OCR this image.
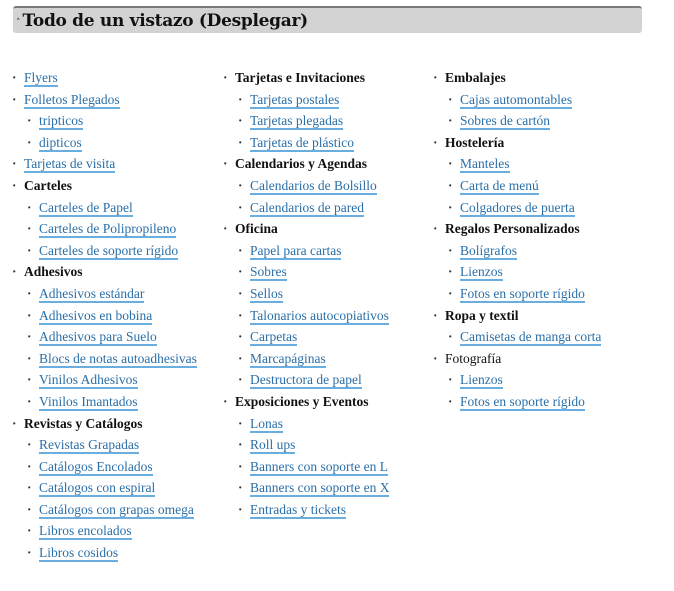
˄ Todo de un vistazo (Desplegar)
· Flyers
· Folletos Plegados
· tripticos
· dipticos
· Tarjetas de visita
· Carteles
· Carteles de Papel
· Carteles de Polipropileno
· Carteles de soporte rígido
· Adhesivos
· Adhesivos estándar
· Adhesivos en bobina
· Adhesivos para Suelo
· Blocs de notas autoadhesivas
· Vinilos Adhesivos
· Vinilos Imantados
· Revistas y Catálogos
· Revistas Grapadas
· Catálogos Encolados
· Catálogos con espiral
· Catálogos con grapas omega
· Libros encolados
· Libros cosidos
· Tarjetas e Invitaciones
· Tarjetas postales
· Tarjetas plegadas
· Tarjetas de plástico
· Calendarios y Agendas
· Calendarios de Bolsillo
· Calendarios de pared
· Oficina
· Papel para cartas
· Sobres
· Sellos
· Talonarios autocopiativos
· Carpetas
· Marcapáginas
· Destructora de papel
· Exposiciones y Eventos
· Lonas
· Roll ups
· Banners con soporte en L
· Banners con soporte en X
· Entradas y tickets
· Embalajes
· Cajas automontables
· Sobres de cartón
· Hostelería
· Manteles
· Carta de menú
· Colgadores de puerta
· Regalos Personalizados
· Bolígrafos
· Lienzos
· Fotos en soporte rígido
· Ropa y textil
· Camisetas de manga corta
· Fotografía
· Lienzos
· Fotos en soporte rígido
